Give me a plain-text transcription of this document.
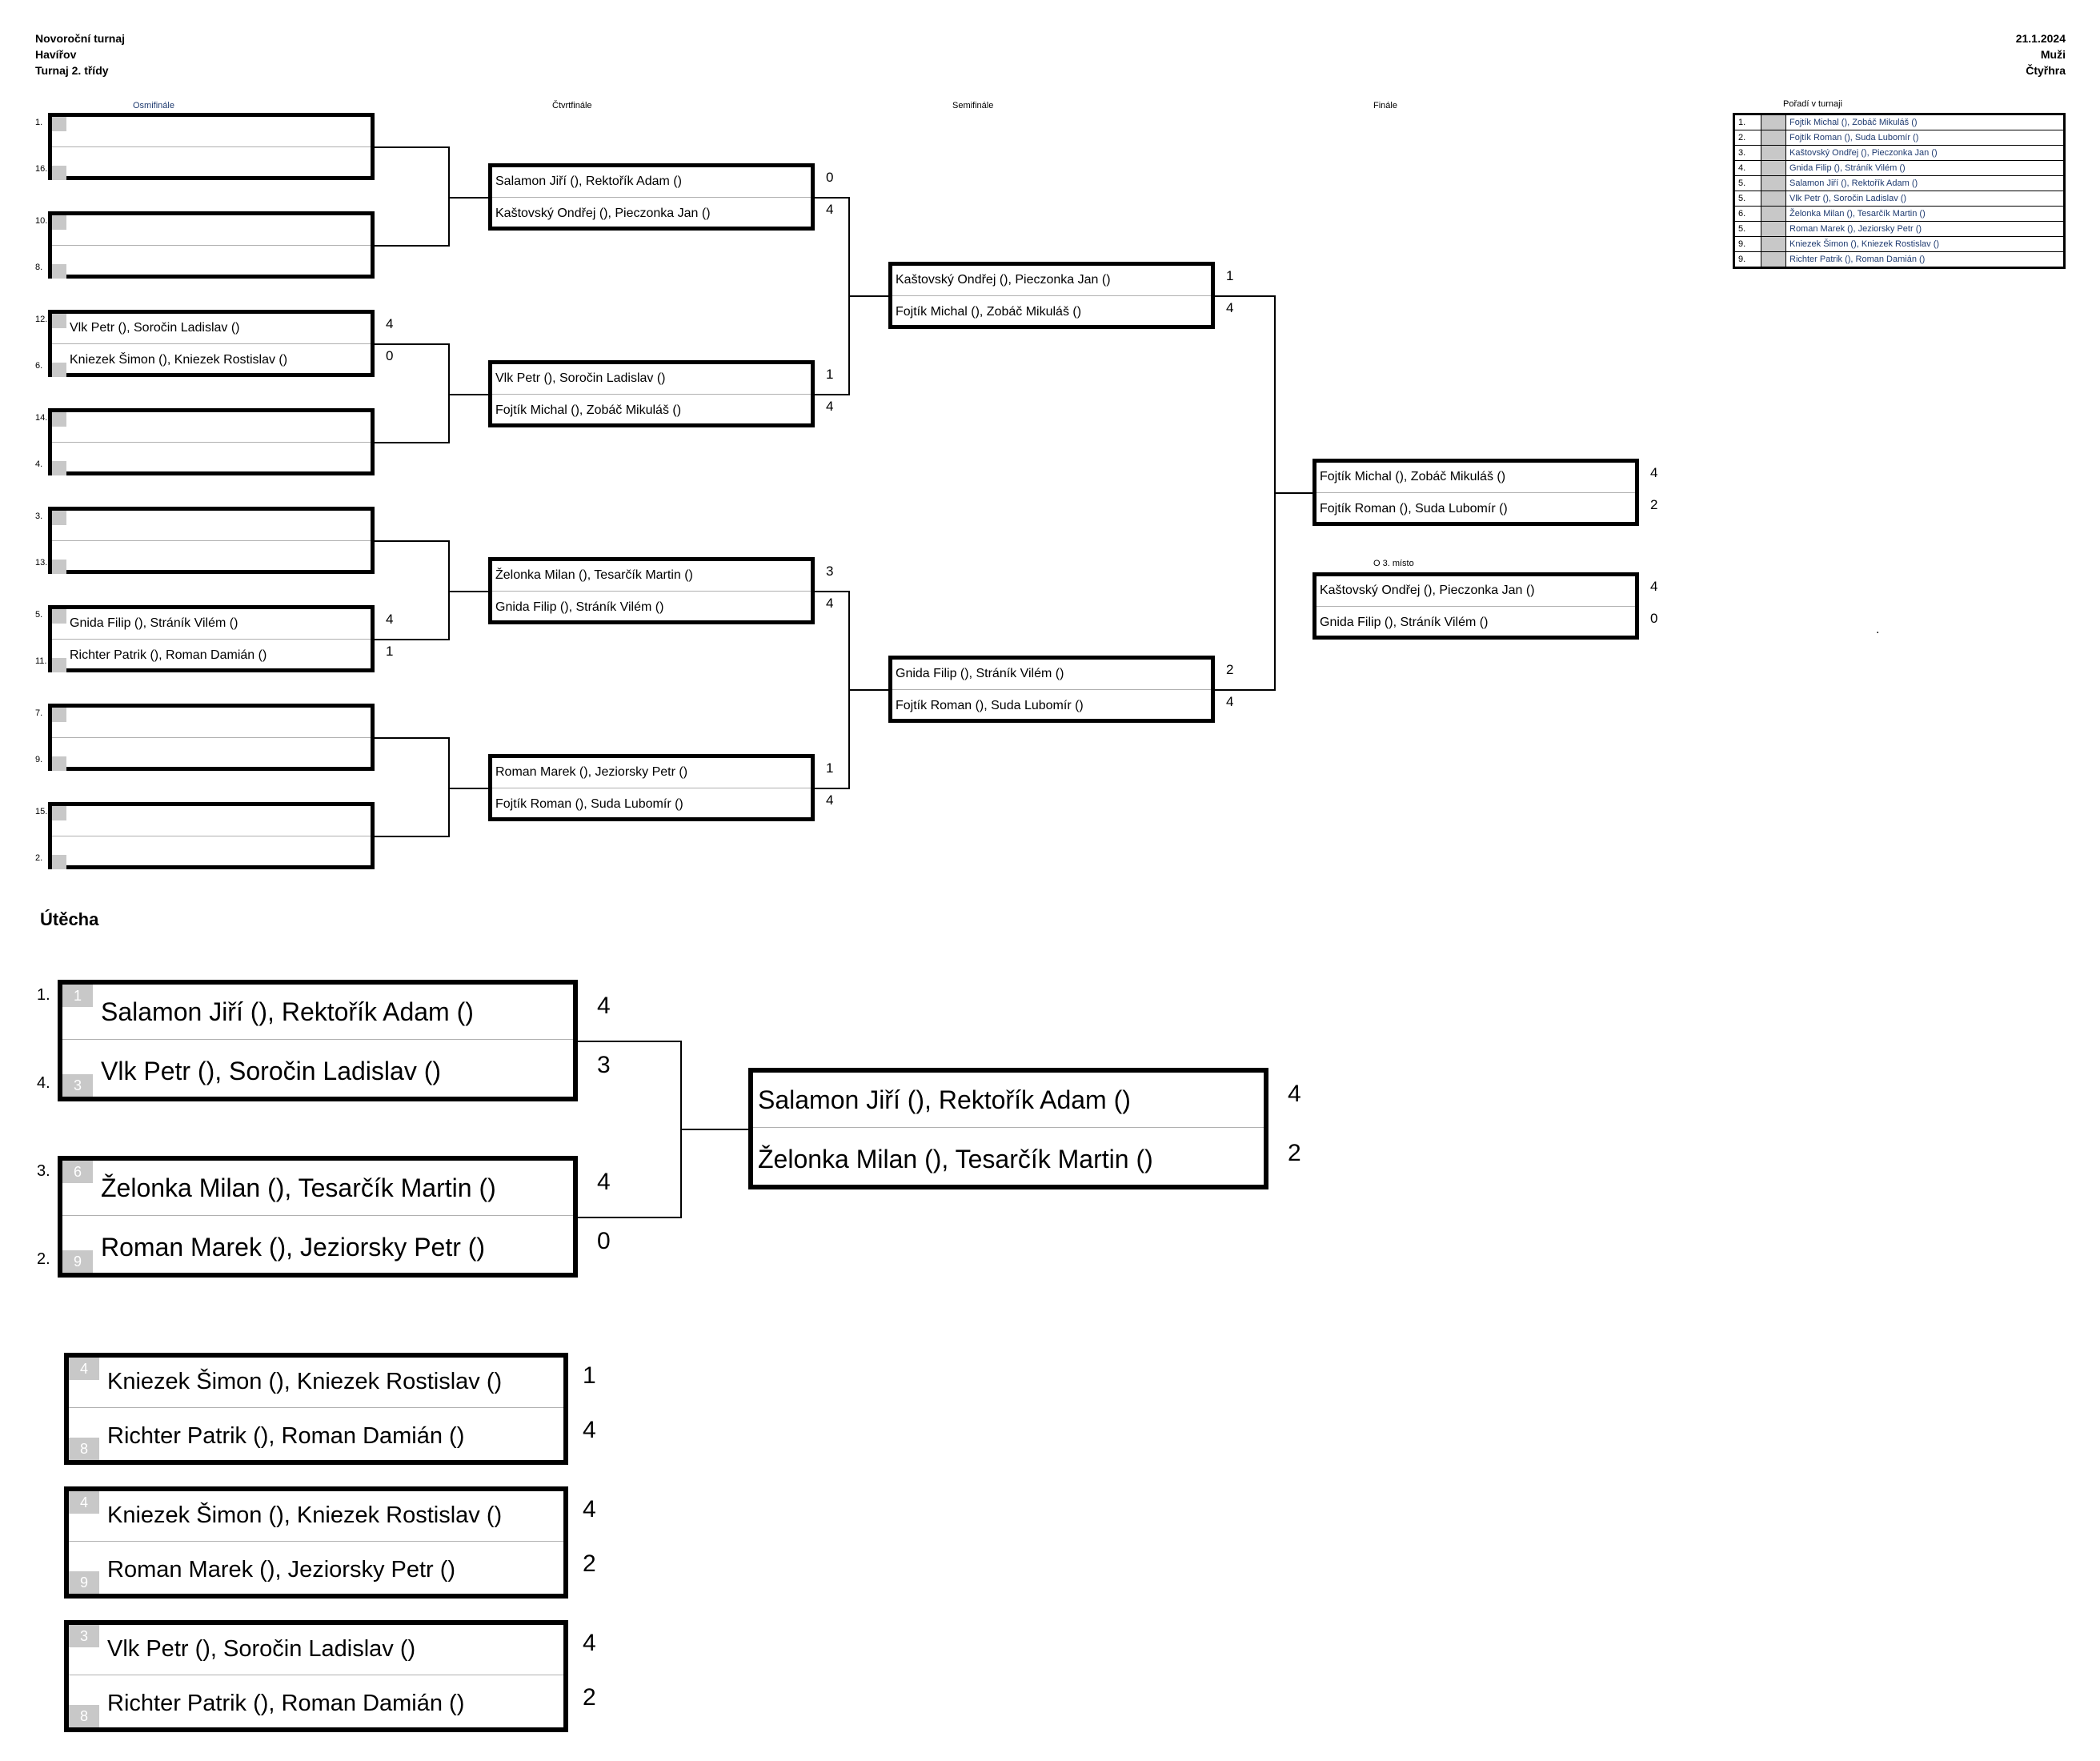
Novoroční turnaj
Havířov
Turnaj 2. třídy
21.1.2024
Muži
Čtyřhra
Osmifinále	Čtvrtfinále	Semifinále	Finále	Pořadí v turnaji
1.		Fojtík Michal (), Zobáč Mikuláš ()
2.		Fojtík Roman (), Suda Lubomír ()
3.		Kaštovský Ondřej (), Pieczonka Jan ()
4.		Gnida Filip (), Stráník Vilém ()
5.		Salamon Jiří (), Rektořík Adam ()
5.		Vlk Petr (), Soročin Ladislav ()
6.		Želonka Milan (), Tesarčík Martin ()
5.		Roman Marek (), Jeziorsky Petr ()
9.		Kniezek Šimon (), Kniezek Rostislav ()
9.		Richter Patrik (), Roman Damián ()
1.
16.
10.
8.
Vlk Petr (), Soročin Ladislav ()
Kniezek Šimon (), Kniezek Rostislav ()
4
0
12.
6.
14.
4.
3.
13.
Gnida Filip (), Stráník Vilém ()
Richter Patrik (), Roman Damián ()
4
1
5.
11.
7.
9.
15.
2.
Salamon Jiří (), Rektořík Adam ()
Kaštovský Ondřej (), Pieczonka Jan ()
0
4
Vlk Petr (), Soročin Ladislav ()
Fojtík Michal (), Zobáč Mikuláš ()
1
4
Želonka Milan (), Tesarčík Martin ()
Gnida Filip (), Stráník Vilém ()
3
4
Roman Marek (), Jeziorsky Petr ()
Fojtík Roman (), Suda Lubomír ()
1
4
Kaštovský Ondřej (), Pieczonka Jan ()
Fojtík Michal (), Zobáč Mikuláš ()
1
4
Gnida Filip (), Stráník Vilém ()
Fojtík Roman (), Suda Lubomír ()
2
4
Fojtík Michal (), Zobáč Mikuláš ()
Fojtík Roman (), Suda Lubomír ()
4
2
Kaštovský Ondřej (), Pieczonka Jan ()
Gnida Filip (), Stráník Vilém ()
4
0
O 3. místo
.
Útěcha
Salamon Jiří (), Rektořík Adam ()
Vlk Petr (), Soročin Ladislav ()
1
3
4
3
1.
4.
Želonka Milan (), Tesarčík Martin ()
Roman Marek (), Jeziorsky Petr ()
6
9
4
0
3.
2.
Salamon Jiří (), Rektořík Adam ()
Želonka Milan (), Tesarčík Martin ()
4
2
Kniezek Šimon (), Kniezek Rostislav ()
Richter Patrik (), Roman Damián ()
4
8
1
4
Kniezek Šimon (), Kniezek Rostislav ()
Roman Marek (), Jeziorsky Petr ()
4
9
4
2
Vlk Petr (), Soročin Ladislav ()
Richter Patrik (), Roman Damián ()
3
8
4
2
